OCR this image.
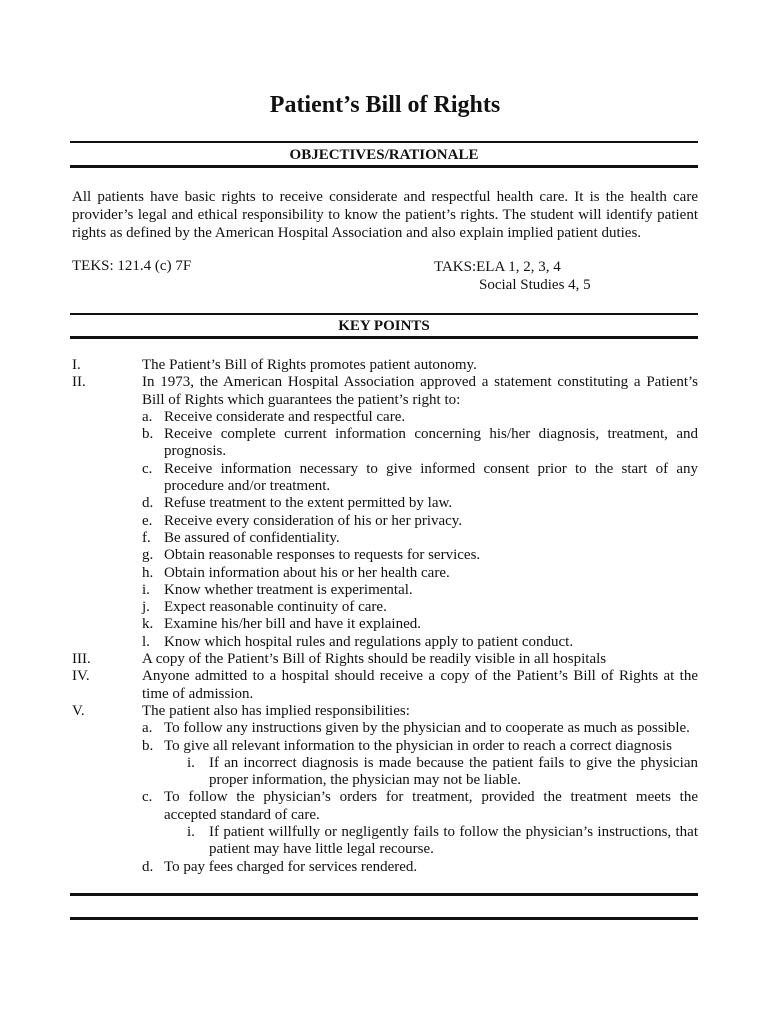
Patient’s Bill of Rights
OBJECTIVES/RATIONALE
All patients have basic rights to receive considerate and respectful health care. It is the health care provider’s legal and ethical responsibility to know the patient’s rights. The student will identify patient rights as defined by the American Hospital Association and also explain implied patient duties.
TEKS: 121.4 (c) 7F	TAKS:ELA 1, 2, 3, 4
Social Studies 4, 5
KEY POINTS
I.	The Patient’s Bill of Rights promotes patient autonomy.
II.	In 1973, the American Hospital Association approved a statement constituting a Patient’s Bill of Rights which guarantees the patient’s right to:
a. Receive considerate and respectful care.
b. Receive complete current information concerning his/her diagnosis, treatment, and prognosis.
c. Receive information necessary to give informed consent prior to the start of any procedure and/or treatment.
d. Refuse treatment to the extent permitted by law.
e. Receive every consideration of his or her privacy.
f. Be assured of confidentiality.
g. Obtain reasonable responses to requests for services.
h. Obtain information about his or her health care.
i. Know whether treatment is experimental.
j. Expect reasonable continuity of care.
k. Examine his/her bill and have it explained.
l. Know which hospital rules and regulations apply to patient conduct.
III.	A copy of the Patient’s Bill of Rights should be readily visible in all hospitals
IV.	Anyone admitted to a hospital should receive a copy of the Patient’s Bill of Rights at the time of admission.
V.	The patient also has implied responsibilities:
a. To follow any instructions given by the physician and to cooperate as much as possible.
b. To give all relevant information to the physician in order to reach a correct diagnosis
i. If an incorrect diagnosis is made because the patient fails to give the physician proper information, the physician may not be liable.
c. To follow the physician’s orders for treatment, provided the treatment meets the accepted standard of care.
i. If patient willfully or negligently fails to follow the physician’s instructions, that patient may have little legal recourse.
d. To pay fees charged for services rendered.
